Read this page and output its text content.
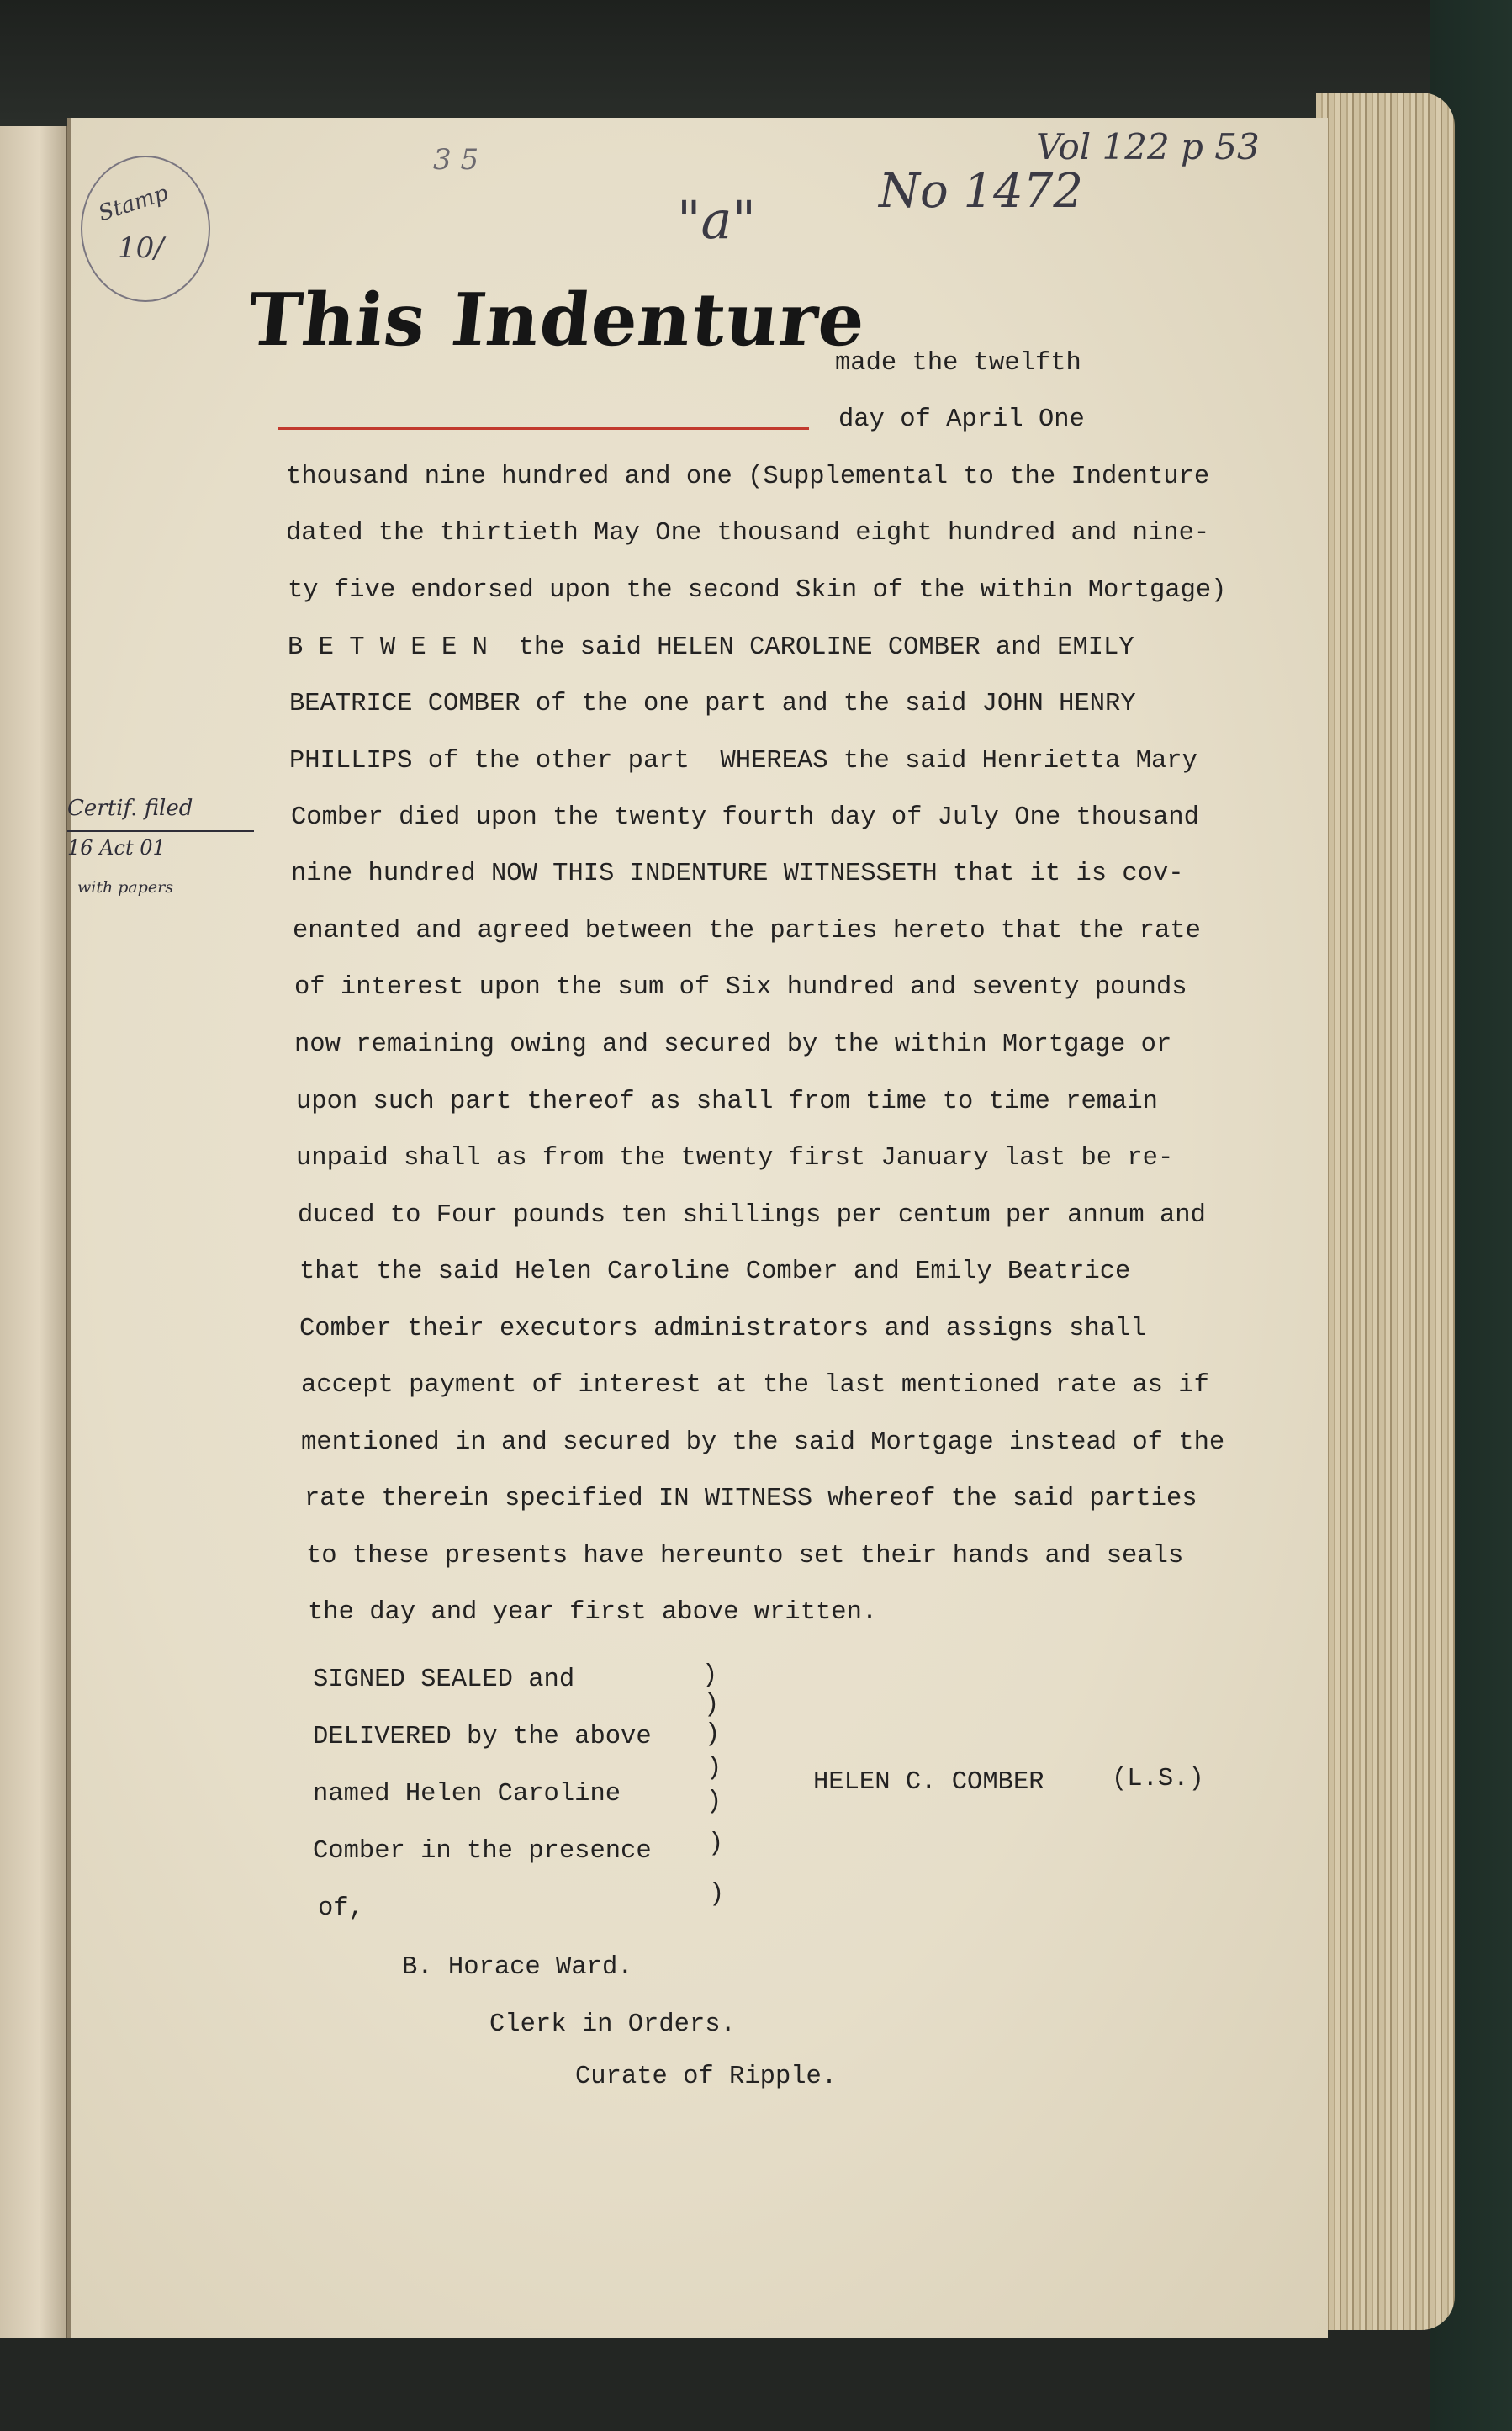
3 5	Vol 122 p 53

"a"	No 1472

Stamp
10/

This Indenture

made the twelfth

day of April One

thousand nine hundred and one (Supplemental to the Indenture

dated the thirtieth May One thousand eight hundred and nine-

ty five endorsed upon the second Skin of the within Mortgage)

B E T W E E N  the said HELEN CAROLINE COMBER and EMILY

BEATRICE COMBER of the one part and the said JOHN HENRY

PHILLIPS of the other part  WHEREAS the said Henrietta Mary

Comber died upon the twenty fourth day of July One thousand

nine hundred NOW THIS INDENTURE WITNESSETH that it is cov-

enanted and agreed between the parties hereto that the rate

of interest upon the sum of Six hundred and seventy pounds

now remaining owing and secured by the within Mortgage or

upon such part thereof as shall from time to time remain

unpaid shall as from the twenty first January last be re-

duced to Four pounds ten shillings per centum per annum and

that the said Helen Caroline Comber and Emily Beatrice

Comber their executors administrators and assigns shall

accept payment of interest at the last mentioned rate as if

mentioned in and secured by the said Mortgage instead of the

rate therein specified IN WITNESS whereof the said parties

to these presents have hereunto set their hands and seals

the day and year first above written.

Certif. filed

16 Act 01

with papers

SIGNED SEALED and

DELIVERED by the above

named Helen Caroline

Comber in the presence

of,

)

)

)

)

)

)

)

HELEN C. COMBER	(L.S.)

B. Horace Ward.

Clerk in Orders.

Curate of Ripple.
